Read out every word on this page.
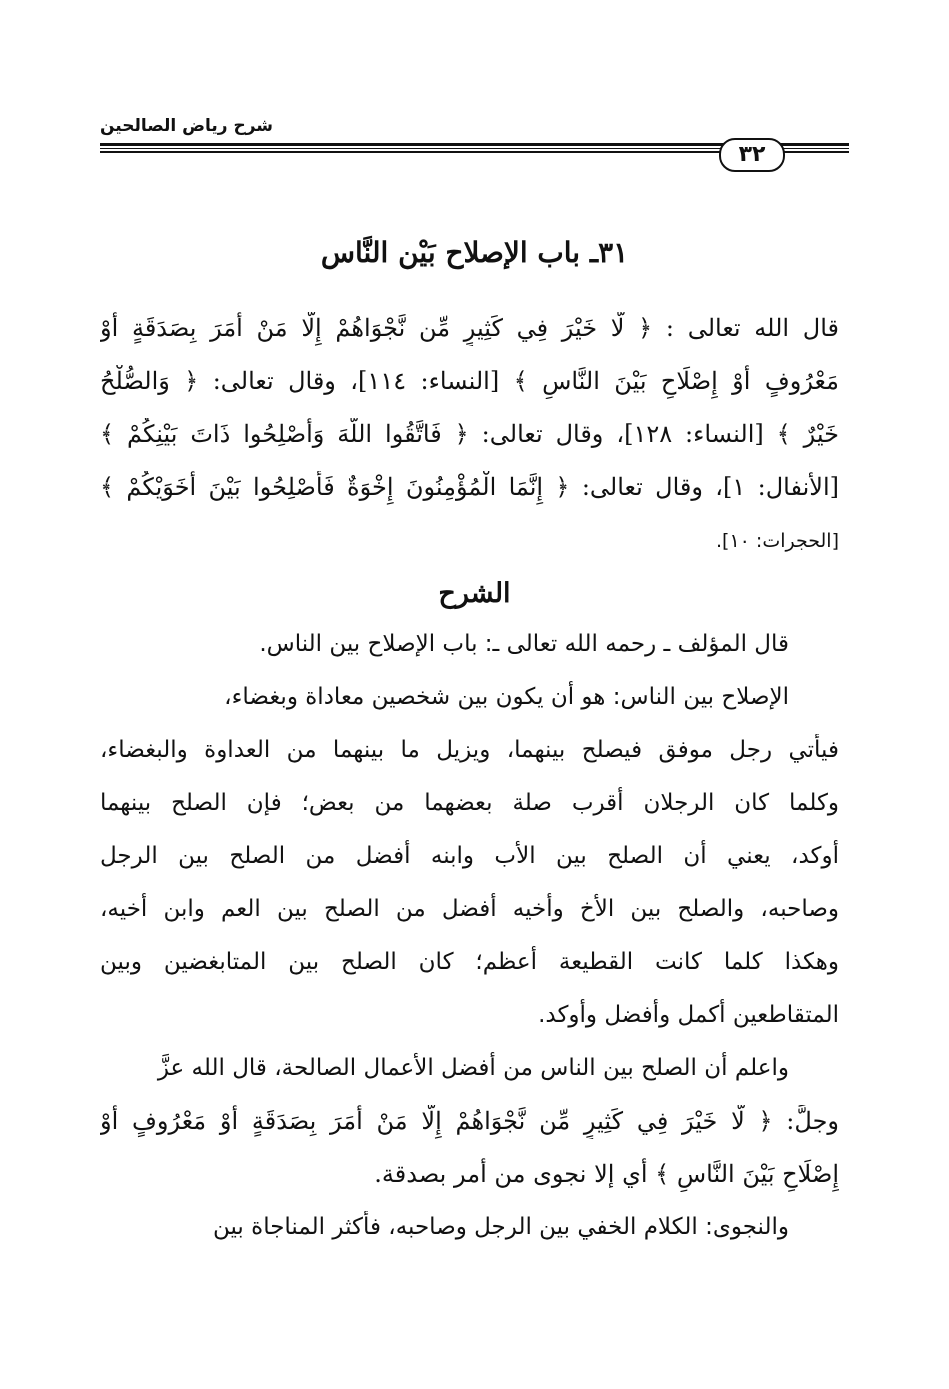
شرح رياض الصالحين
٣٢
٣١ـ باب الإصلاح بَيْن النَّاس
قال الله تعالى : ﴿ لَّا خَيْرَ فِي كَثِيرٍ مِّن نَّجْوَاهُمْ إِلَّا مَنْ أَمَرَ بِصَدَقَةٍ أَوْ
مَعْرُوفٍ أَوْ إِصْلَاحٍ بَيْنَ النَّاسِ ﴾ [النساء: ١١٤]، وقال تعالى: ﴿ وَالصُّلْحُ
خَيْرٌ ﴾ [النساء: ١٢٨]، وقال تعالى: ﴿ فَاتَّقُوا اللَّهَ وَأَصْلِحُوا ذَاتَ بَيْنِكُمْ ﴾
[الأنفال: ١]، وقال تعالى: ﴿ إِنَّمَا الْمُؤْمِنُونَ إِخْوَةٌ فَأَصْلِحُوا بَيْنَ أَخَوَيْكُمْ ﴾
[الحجرات: ١٠].
الشرح
قال المؤلف ـ رحمه الله تعالى ـ: باب الإصلاح بين الناس.
الإصلاح بين الناس: هو أن يكون بين شخصين معاداة وبغضاء،
فيأتي رجل موفق فيصلح بينهما، ويزيل ما بينهما من العداوة والبغضاء،
وكلما كان الرجلان أقرب صلة بعضهما من بعض؛ فإن الصلح بينهما
أوكد، يعني أن الصلح بين الأب وابنه أفضل من الصلح بين الرجل
وصاحبه، والصلح بين الأخ وأخيه أفضل من الصلح بين العم وابن أخيه،
وهكذا كلما كانت القطيعة أعظم؛ كان الصلح بين المتابغضين وبين
المتقاطعين أكمل وأفضل وأوكد.
واعلم أن الصلح بين الناس من أفضل الأعمال الصالحة، قال الله عزَّ
وجلَّ: ﴿ لَّا خَيْرَ فِي كَثِيرٍ مِّن نَّجْوَاهُمْ إِلَّا مَنْ أَمَرَ بِصَدَقَةٍ أَوْ مَعْرُوفٍ أَوْ
إِصْلَاحٍ بَيْنَ النَّاسِ ﴾ أي إلا نجوى من أمر بصدقة.
والنجوى: الكلام الخفي بين الرجل وصاحبه، فأكثر المناجاة بين
